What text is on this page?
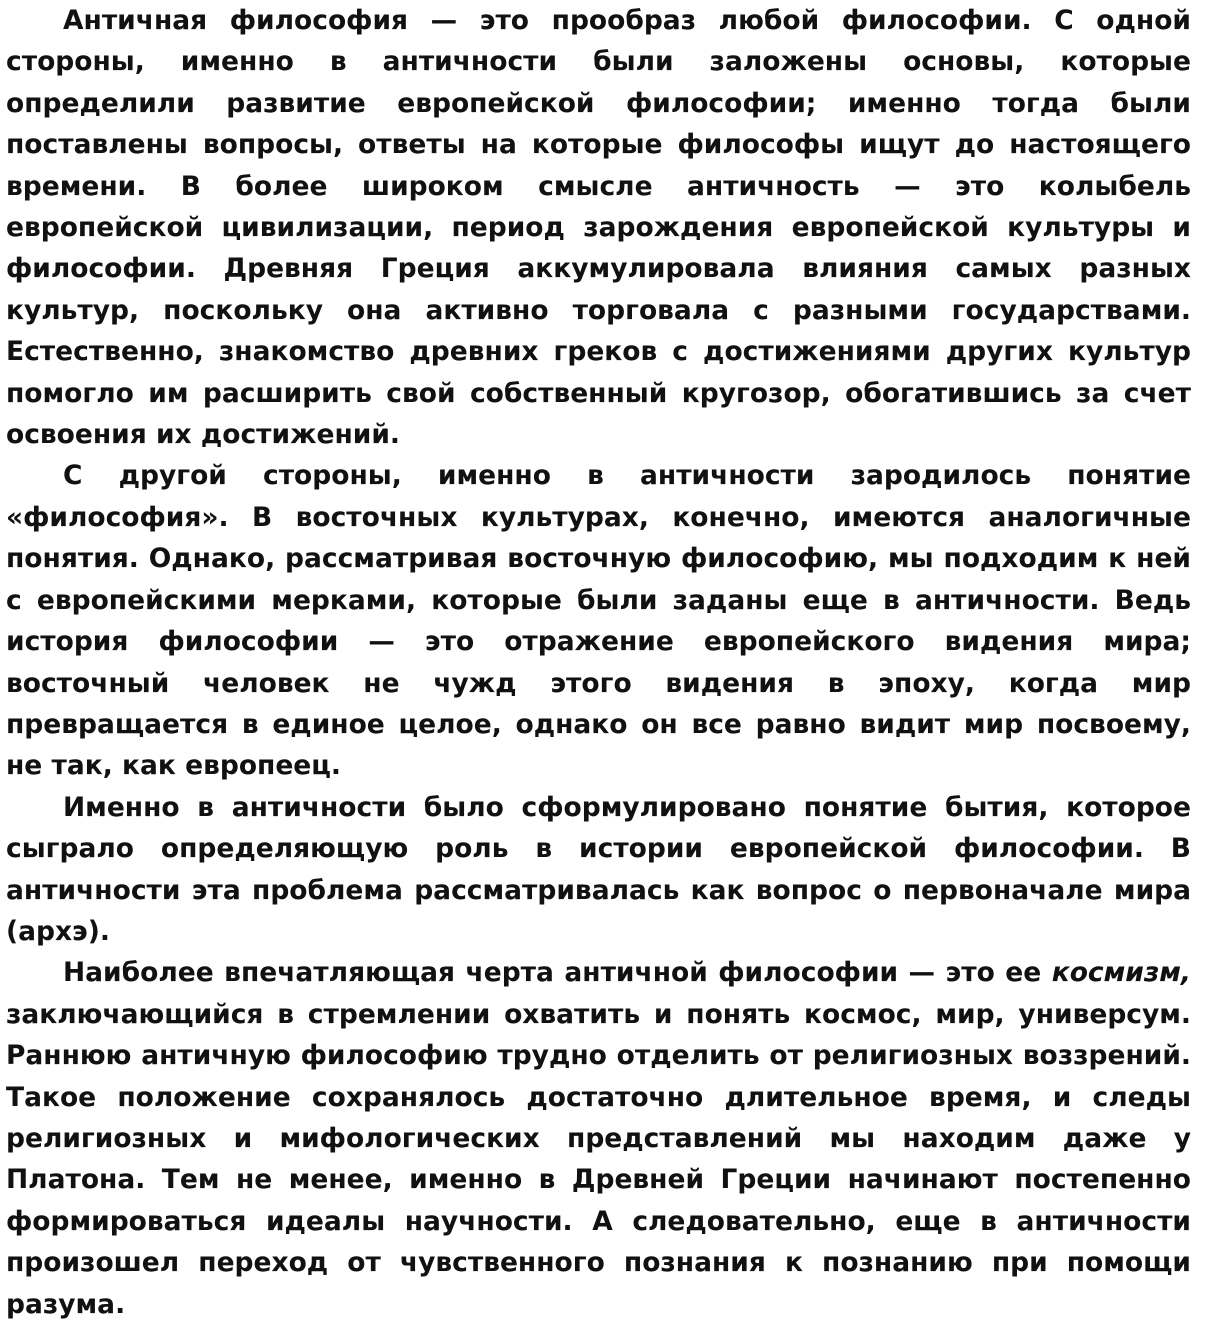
Античная философия — это прообраз любой философии. С одной стороны, именно в античности были заложены основы, которые определили развитие европейской философии; именно тогда были поставлены вопросы, ответы на которые философы ищут до настоящего времени. В более широком смысле античность — это колыбель европейской цивилизации, период зарождения европейской культуры и философии. Древняя Греция аккумулировала влияния самых разных культур, поскольку она активно торговала с разными государствами. Естественно, знакомство древних греков с достижениями других культур помогло им расширить свой собственный кругозор, обогатившись за счет освоения их достижений.

С другой стороны, именно в античности зародилось понятие «философия». В восточных культурах, конечно, имеются аналогичные понятия. Однако, рассматривая восточную философию, мы подходим к ней с европейскими мерками, которые были заданы еще в античности. Ведь история философии — это отражение европейского видения мира; восточный человек не чужд этого видения в эпоху, когда мир превращается в единое целое, однако он все равно видит мир посвоему, не так, как европеец.

Именно в античности было сформулировано понятие бытия, которое сыграло определяющую роль в истории европейской философии. В античности эта проблема рассматривалась как вопрос о первоначале мира (архэ).

Наиболее впечатляющая черта античной философии — это ее космизм, заключающийся в стремлении охватить и понять космос, мир, универсум. Раннюю античную философию трудно отделить от религиозных воззрений. Такое положение сохранялось достаточно длительное время, и следы религиозных и мифологических представлений мы находим даже у Платона. Тем не менее, именно в Древней Греции начинают постепенно формироваться идеалы научности. А следовательно, еще в античности произошел переход от чувственного познания к познанию при помощи разума.
